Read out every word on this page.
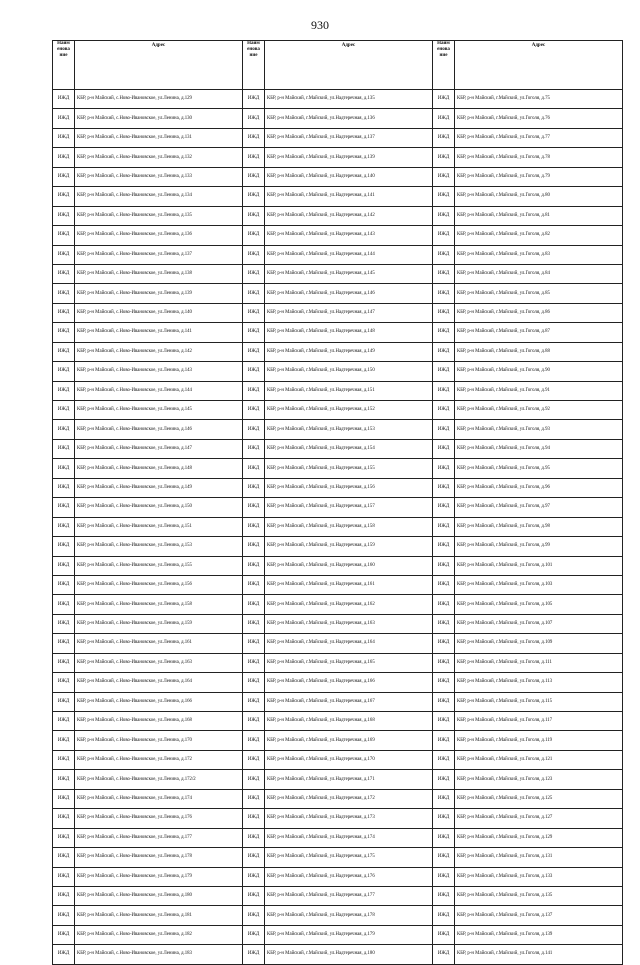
930
Наим енова ние	Адрес	Наим енова ние	Адрес	Наим енова ние	Адрес
ИЖД	КБР, р-н Майский, с.Ново-Ивановское, ул.Ленина, д.129	ИЖД	КБР, р-н Майский, г.Майский, ул.Надтеречная, д.135	ИЖД	КБР, р-н Майский, г.Майский, ул.Гоголя, д.75
ИЖД	КБР, р-н Майский, с.Ново-Ивановское, ул.Ленина, д.130	ИЖД	КБР, р-н Майский, г.Майский, ул.Надтеречная, д.136	ИЖД	КБР, р-н Майский, г.Майский, ул.Гоголя, д.76
ИЖД	КБР, р-н Майский, с.Ново-Ивановское, ул.Ленина, д.131	ИЖД	КБР, р-н Майский, г.Майский, ул.Надтеречная, д.137	ИЖД	КБР, р-н Майский, г.Майский, ул.Гоголя, д.77
ИЖД	КБР, р-н Майский, с.Ново-Ивановское, ул.Ленина, д.132	ИЖД	КБР, р-н Майский, г.Майский, ул.Надтеречная, д.139	ИЖД	КБР, р-н Майский, г.Майский, ул.Гоголя, д.78
ИЖД	КБР, р-н Майский, с.Ново-Ивановское, ул.Ленина, д.133	ИЖД	КБР, р-н Майский, г.Майский, ул.Надтеречная, д.140	ИЖД	КБР, р-н Майский, г.Майский, ул.Гоголя, д.79
ИЖД	КБР, р-н Майский, с.Ново-Ивановское, ул.Ленина, д.134	ИЖД	КБР, р-н Майский, г.Майский, ул.Надтеречная, д.141	ИЖД	КБР, р-н Майский, г.Майский, ул.Гоголя, д.80
ИЖД	КБР, р-н Майский, с.Ново-Ивановское, ул.Ленина, д.135	ИЖД	КБР, р-н Майский, г.Майский, ул.Надтеречная, д.142	ИЖД	КБР, р-н Майский, г.Майский, ул.Гоголя, д.81
ИЖД	КБР, р-н Майский, с.Ново-Ивановское, ул.Ленина, д.136	ИЖД	КБР, р-н Майский, г.Майский, ул.Надтеречная, д.143	ИЖД	КБР, р-н Майский, г.Майский, ул.Гоголя, д.82
ИЖД	КБР, р-н Майский, с.Ново-Ивановское, ул.Ленина, д.137	ИЖД	КБР, р-н Майский, г.Майский, ул.Надтеречная, д.144	ИЖД	КБР, р-н Майский, г.Майский, ул.Гоголя, д.83
ИЖД	КБР, р-н Майский, с.Ново-Ивановское, ул.Ленина, д.138	ИЖД	КБР, р-н Майский, г.Майский, ул.Надтеречная, д.145	ИЖД	КБР, р-н Майский, г.Майский, ул.Гоголя, д.84
ИЖД	КБР, р-н Майский, с.Ново-Ивановское, ул.Ленина, д.139	ИЖД	КБР, р-н Майский, г.Майский, ул.Надтеречная, д.146	ИЖД	КБР, р-н Майский, г.Майский, ул.Гоголя, д.85
ИЖД	КБР, р-н Майский, с.Ново-Ивановское, ул.Ленина, д.140	ИЖД	КБР, р-н Майский, г.Майский, ул.Надтеречная, д.147	ИЖД	КБР, р-н Майский, г.Майский, ул.Гоголя, д.86
ИЖД	КБР, р-н Майский, с.Ново-Ивановское, ул.Ленина, д.141	ИЖД	КБР, р-н Майский, г.Майский, ул.Надтеречная, д.148	ИЖД	КБР, р-н Майский, г.Майский, ул.Гоголя, д.87
ИЖД	КБР, р-н Майский, с.Ново-Ивановское, ул.Ленина, д.142	ИЖД	КБР, р-н Майский, г.Майский, ул.Надтеречная, д.149	ИЖД	КБР, р-н Майский, г.Майский, ул.Гоголя, д.88
ИЖД	КБР, р-н Майский, с.Ново-Ивановское, ул.Ленина, д.143	ИЖД	КБР, р-н Майский, г.Майский, ул.Надтеречная, д.150	ИЖД	КБР, р-н Майский, г.Майский, ул.Гоголя, д.90
ИЖД	КБР, р-н Майский, с.Ново-Ивановское, ул.Ленина, д.144	ИЖД	КБР, р-н Майский, г.Майский, ул.Надтеречная, д.151	ИЖД	КБР, р-н Майский, г.Майский, ул.Гоголя, д.91
ИЖД	КБР, р-н Майский, с.Ново-Ивановское, ул.Ленина, д.145	ИЖД	КБР, р-н Майский, г.Майский, ул.Надтеречная, д.152	ИЖД	КБР, р-н Майский, г.Майский, ул.Гоголя, д.92
ИЖД	КБР, р-н Майский, с.Ново-Ивановское, ул.Ленина, д.146	ИЖД	КБР, р-н Майский, г.Майский, ул.Надтеречная, д.153	ИЖД	КБР, р-н Майский, г.Майский, ул.Гоголя, д.93
ИЖД	КБР, р-н Майский, с.Ново-Ивановское, ул.Ленина, д.147	ИЖД	КБР, р-н Майский, г.Майский, ул.Надтеречная, д.154	ИЖД	КБР, р-н Майский, г.Майский, ул.Гоголя, д.94
ИЖД	КБР, р-н Майский, с.Ново-Ивановское, ул.Ленина, д.148	ИЖД	КБР, р-н Майский, г.Майский, ул.Надтеречная, д.155	ИЖД	КБР, р-н Майский, г.Майский, ул.Гоголя, д.95
ИЖД	КБР, р-н Майский, с.Ново-Ивановское, ул.Ленина, д.149	ИЖД	КБР, р-н Майский, г.Майский, ул.Надтеречная, д.156	ИЖД	КБР, р-н Майский, г.Майский, ул.Гоголя, д.96
ИЖД	КБР, р-н Майский, с.Ново-Ивановское, ул.Ленина, д.150	ИЖД	КБР, р-н Майский, г.Майский, ул.Надтеречная, д.157	ИЖД	КБР, р-н Майский, г.Майский, ул.Гоголя, д.97
ИЖД	КБР, р-н Майский, с.Ново-Ивановское, ул.Ленина, д.151	ИЖД	КБР, р-н Майский, г.Майский, ул.Надтеречная, д.158	ИЖД	КБР, р-н Майский, г.Майский, ул.Гоголя, д.98
ИЖД	КБР, р-н Майский, с.Ново-Ивановское, ул.Ленина, д.153	ИЖД	КБР, р-н Майский, г.Майский, ул.Надтеречная, д.159	ИЖД	КБР, р-н Майский, г.Майский, ул.Гоголя, д.99
ИЖД	КБР, р-н Майский, с.Ново-Ивановское, ул.Ленина, д.155	ИЖД	КБР, р-н Майский, г.Майский, ул.Надтеречная, д.160	ИЖД	КБР, р-н Майский, г.Майский, ул.Гоголя, д.101
ИЖД	КБР, р-н Майский, с.Ново-Ивановское, ул.Ленина, д.156	ИЖД	КБР, р-н Майский, г.Майский, ул.Надтеречная, д.161	ИЖД	КБР, р-н Майский, г.Майский, ул.Гоголя, д.103
ИЖД	КБР, р-н Майский, с.Ново-Ивановское, ул.Ленина, д.158	ИЖД	КБР, р-н Майский, г.Майский, ул.Надтеречная, д.162	ИЖД	КБР, р-н Майский, г.Майский, ул.Гоголя, д.105
ИЖД	КБР, р-н Майский, с.Ново-Ивановское, ул.Ленина, д.159	ИЖД	КБР, р-н Майский, г.Майский, ул.Надтеречная, д.163	ИЖД	КБР, р-н Майский, г.Майский, ул.Гоголя, д.107
ИЖД	КБР, р-н Майский, с.Ново-Ивановское, ул.Ленина, д.161	ИЖД	КБР, р-н Майский, г.Майский, ул.Надтеречная, д.164	ИЖД	КБР, р-н Майский, г.Майский, ул.Гоголя, д.109
ИЖД	КБР, р-н Майский, с.Ново-Ивановское, ул.Ленина, д.163	ИЖД	КБР, р-н Майский, г.Майский, ул.Надтеречная, д.165	ИЖД	КБР, р-н Майский, г.Майский, ул.Гоголя, д.111
ИЖД	КБР, р-н Майский, с.Ново-Ивановское, ул.Ленина, д.164	ИЖД	КБР, р-н Майский, г.Майский, ул.Надтеречная, д.166	ИЖД	КБР, р-н Майский, г.Майский, ул.Гоголя, д.113
ИЖД	КБР, р-н Майский, с.Ново-Ивановское, ул.Ленина, д.166	ИЖД	КБР, р-н Майский, г.Майский, ул.Надтеречная, д.167	ИЖД	КБР, р-н Майский, г.Майский, ул.Гоголя, д.115
ИЖД	КБР, р-н Майский, с.Ново-Ивановское, ул.Ленина, д.168	ИЖД	КБР, р-н Майский, г.Майский, ул.Надтеречная, д.168	ИЖД	КБР, р-н Майский, г.Майский, ул.Гоголя, д.117
ИЖД	КБР, р-н Майский, с.Ново-Ивановское, ул.Ленина, д.170	ИЖД	КБР, р-н Майский, г.Майский, ул.Надтеречная, д.169	ИЖД	КБР, р-н Майский, г.Майский, ул.Гоголя, д.119
ИЖД	КБР, р-н Майский, с.Ново-Ивановское, ул.Ленина, д.172	ИЖД	КБР, р-н Майский, г.Майский, ул.Надтеречная, д.170	ИЖД	КБР, р-н Майский, г.Майский, ул.Гоголя, д.121
ИЖД	КБР, р-н Майский, с.Ново-Ивановское, ул.Ленина, д.172/2	ИЖД	КБР, р-н Майский, г.Майский, ул.Надтеречная, д.171	ИЖД	КБР, р-н Майский, г.Майский, ул.Гоголя, д.123
ИЖД	КБР, р-н Майский, с.Ново-Ивановское, ул.Ленина, д.174	ИЖД	КБР, р-н Майский, г.Майский, ул.Надтеречная, д.172	ИЖД	КБР, р-н Майский, г.Майский, ул.Гоголя, д.125
ИЖД	КБР, р-н Майский, с.Ново-Ивановское, ул.Ленина, д.176	ИЖД	КБР, р-н Майский, г.Майский, ул.Надтеречная, д.173	ИЖД	КБР, р-н Майский, г.Майский, ул.Гоголя, д.127
ИЖД	КБР, р-н Майский, с.Ново-Ивановское, ул.Ленина, д.177	ИЖД	КБР, р-н Майский, г.Майский, ул.Надтеречная, д.174	ИЖД	КБР, р-н Майский, г.Майский, ул.Гоголя, д.129
ИЖД	КБР, р-н Майский, с.Ново-Ивановское, ул.Ленина, д.178	ИЖД	КБР, р-н Майский, г.Майский, ул.Надтеречная, д.175	ИЖД	КБР, р-н Майский, г.Майский, ул.Гоголя, д.131
ИЖД	КБР, р-н Майский, с.Ново-Ивановское, ул.Ленина, д.179	ИЖД	КБР, р-н Майский, г.Майский, ул.Надтеречная, д.176	ИЖД	КБР, р-н Майский, г.Майский, ул.Гоголя, д.133
ИЖД	КБР, р-н Майский, с.Ново-Ивановское, ул.Ленина, д.180	ИЖД	КБР, р-н Майский, г.Майский, ул.Надтеречная, д.177	ИЖД	КБР, р-н Майский, г.Майский, ул.Гоголя, д.135
ИЖД	КБР, р-н Майский, с.Ново-Ивановское, ул.Ленина, д.181	ИЖД	КБР, р-н Майский, г.Майский, ул.Надтеречная, д.178	ИЖД	КБР, р-н Майский, г.Майский, ул.Гоголя, д.137
ИЖД	КБР, р-н Майский, с.Ново-Ивановское, ул.Ленина, д.182	ИЖД	КБР, р-н Майский, г.Майский, ул.Надтеречная, д.179	ИЖД	КБР, р-н Майский, г.Майский, ул.Гоголя, д.139
ИЖД	КБР, р-н Майский, с.Ново-Ивановское, ул.Ленина, д.183	ИЖД	КБР, р-н Майский, г.Майский, ул.Надтеречная, д.180	ИЖД	КБР, р-н Майский, г.Майский, ул.Гоголя, д.141
